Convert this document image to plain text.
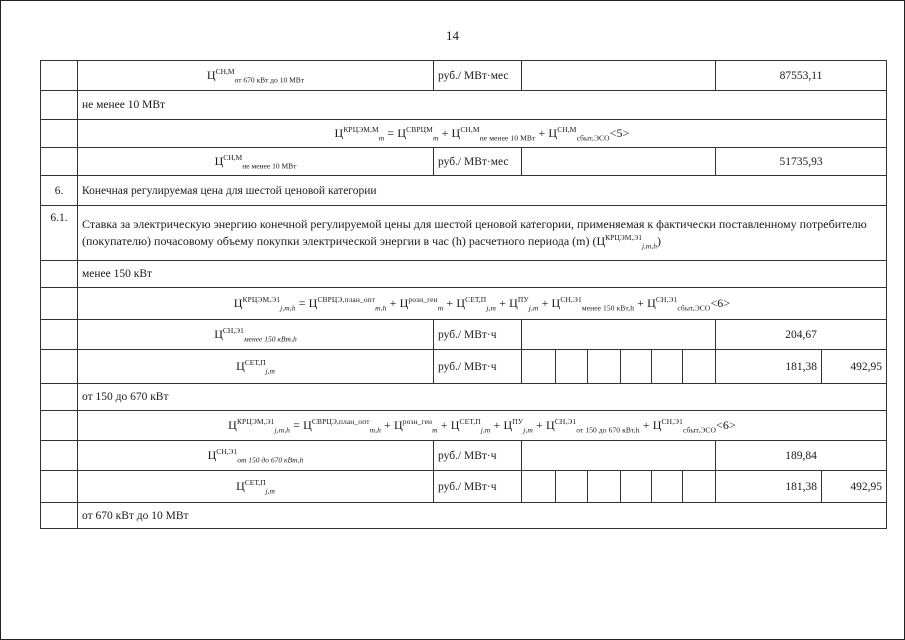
14
	$Ц^{СН,М}_{от 670 кВт до 10 МВт}$	руб./ МВт·мес							87553,11	
	не менее 10 МВт									
	$Ц^{КРЦЭМ,М}_m = Ц^{СВРЦМ}_m + Ц^{СН,М}_{не менее 10 МВт} + Ц^{СН,М}_{сбыт,ЭСО}<5>$									
	$Ц^{СН,М}_{не менее 10 МВт}$	руб./ МВт·мес							51735,93	
6.	Конечная регулируемая цена для шестой ценовой категории									
6.1.	Ставка за электрическую энергию конечной регулируемой цены для шестой ценовой категории, применяемая к фактически поставленному потребителю (покупателю) почасовому объему покупки электрической энергии в час (h) расчетного периода (m) $(Ц^{КРЦЭМ,Э1}_{j,m,h})$									
	менее 150 кВт									
	$Ц^{КРЦЭМ,Э1}_{j,m,h} = Ц^{СВРЦЭ,план\_опт}_{m,h} + Ц^{розн\_ген}_m + Ц^{СЕТ,П}_{j,m} + Ц^{ПУ}_{j,m} + Ц^{СН,Э1}_{менее 150 кВт,h} + Ц^{СН,Э1}_{сбыт,ЭСО}<6>$									
	$Ц^{СН,Э1}_{менее 150 кВт,h}$	руб./ МВт·ч							204,67	
	$Ц^{СЕТ,П}_{j,m}$	руб./ МВт·ч							181,38	492,95
	от 150 до 670 кВт									
	$Ц^{КРЦЭМ,Э1}_{j,m,h} = Ц^{СВРЦЭ,план\_опт}_{m,h} + Ц^{розн\_ген}_m + Ц^{СЕТ,П}_{j,m} + Ц^{ПУ}_{j,m} + Ц^{СН,Э1}_{от 150 до 670 кВт,h} + Ц^{СН,Э1}_{сбыт,ЭСО}<6>$									
	$Ц^{СН,Э1}_{от 150 до 670 кВт,h}$	руб./ МВт·ч							189,84	
	$Ц^{СЕТ,П}_{j,m}$	руб./ МВт·ч							181,38	492,95
	от 670 кВт до 10 МВт									
